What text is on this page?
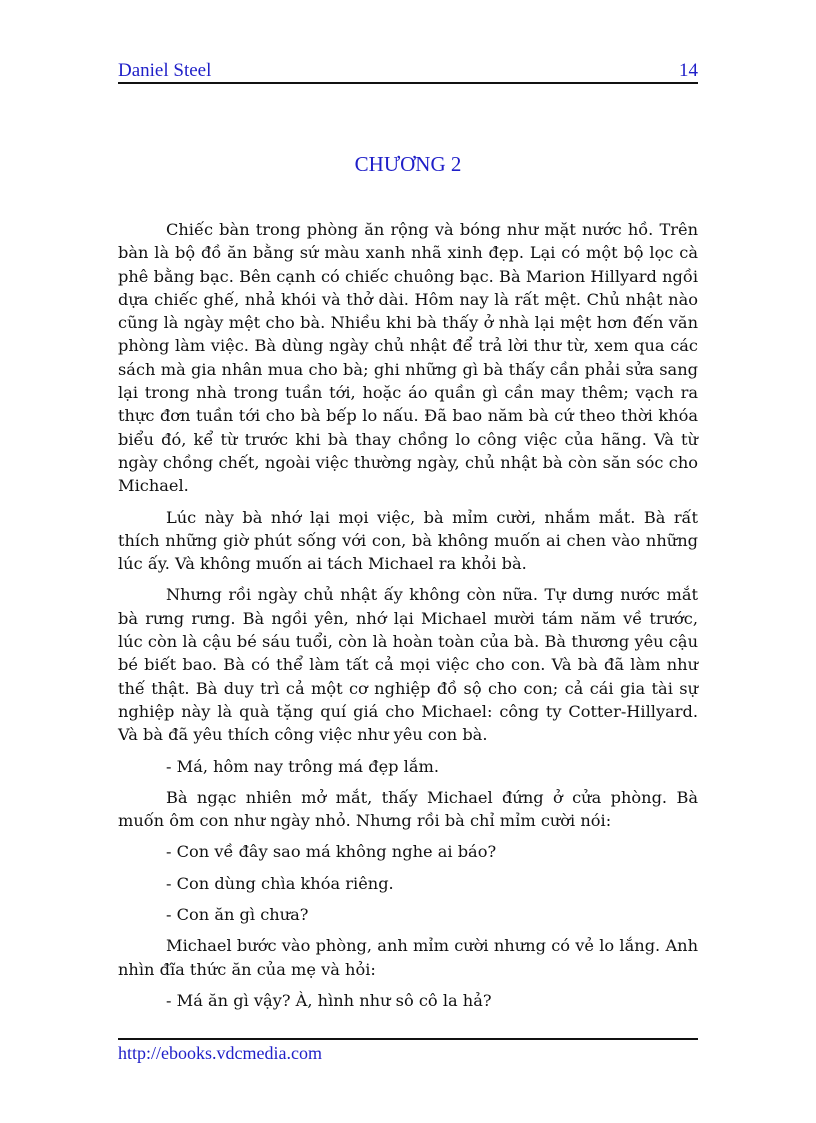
Daniel Steel	14
CHƯƠNG 2

Chiếc bàn trong phòng ăn rộng và bóng như mặt nước hồ. Trên bàn là bộ đồ ăn bằng sứ màu xanh nhã xinh đẹp. Lại có một bộ lọc cà phê bằng bạc. Bên cạnh có chiếc chuông bạc. Bà Marion Hillyard ngồi dựa chiếc ghế, nhả khói và thở dài. Hôm nay là rất mệt. Chủ nhật nào cũng là ngày mệt cho bà. Nhiều khi bà thấy ở nhà lại mệt hơn đến văn phòng làm việc. Bà dùng ngày chủ nhật để trả lời thư từ, xem qua các sách mà gia nhân mua cho bà; ghi những gì bà thấy cần phải sửa sang lại trong nhà trong tuần tới, hoặc áo quần gì cần may thêm; vạch ra thực đơn tuần tới cho bà bếp lo nấu. Đã bao năm bà cứ theo thời khóa biểu đó, kể từ trước khi bà thay chồng lo công việc của hãng. Và từ ngày chồng chết, ngoài việc thường ngày, chủ nhật bà còn săn sóc cho Michael.

Lúc này bà nhớ lại mọi việc, bà mỉm cười, nhắm mắt. Bà rất thích những giờ phút sống với con, bà không muốn ai chen vào những lúc ấy. Và không muốn ai tách Michael ra khỏi bà.

Nhưng rồi ngày chủ nhật ấy không còn nữa. Tự dưng nước mắt bà rưng rưng. Bà ngồi yên, nhớ lại Michael mười tám năm về trước, lúc còn là cậu bé sáu tuổi, còn là hoàn toàn của bà. Bà thương yêu cậu bé biết bao. Bà có thể làm tất cả mọi việc cho con. Và bà đã làm như thế thật. Bà duy trì cả một cơ nghiệp đồ sộ cho con; cả cái gia tài sự nghiệp này là quà tặng quí giá cho Michael: công ty Cotter-Hillyard. Và bà đã yêu thích công việc như yêu con bà.

- Má, hôm nay trông má đẹp lắm.

Bà ngạc nhiên mở mắt, thấy Michael đứng ở cửa phòng. Bà muốn ôm con như ngày nhỏ. Nhưng rồi bà chỉ mỉm cười nói:

- Con về đây sao má không nghe ai báo?

- Con dùng chìa khóa riêng.

- Con ăn gì chưa?

Michael bước vào phòng, anh mỉm cười nhưng có vẻ lo lắng. Anh nhìn đĩa thức ăn của mẹ và hỏi:

- Má ăn gì vậy? À, hình như sô cô la hả?

http://ebooks.vdcmedia.com
